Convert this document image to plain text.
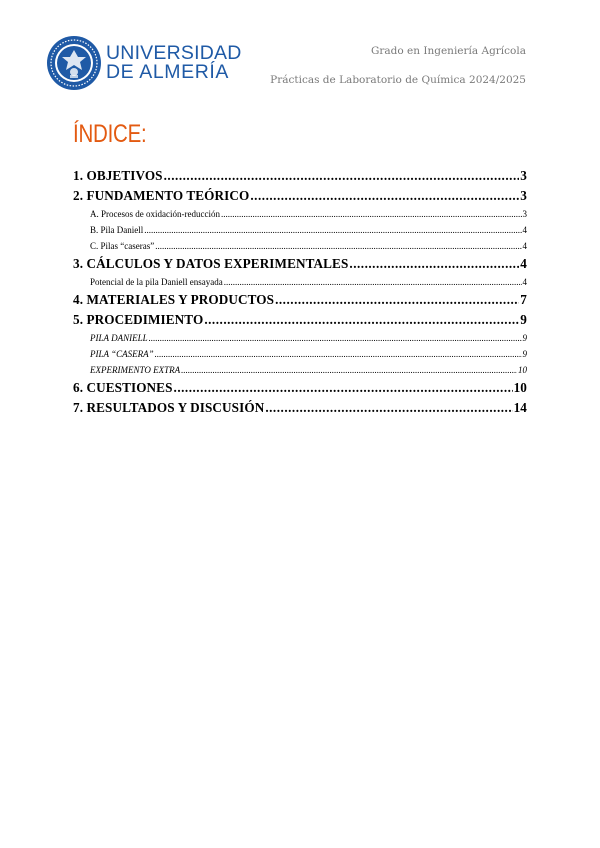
UNIVERSIDAD
DE ALMERÍA
Grado en Ingeniería Agrícola
Prácticas de Laboratorio de Química 2024/2025
ÍNDICE:
1. OBJETIVOS .....	3
2. FUNDAMENTO TEÓRICO .....	3
A. Procesos de oxidación-reducción .....	3
B. Pila Daniell .....	4
C. Pilas “caseras” .....	4
3. CÁLCULOS Y DATOS EXPERIMENTALES .....	4
Potencial de la pila Daniell ensayada .....	4
4. MATERIALES Y PRODUCTOS .....	7
5. PROCEDIMIENTO .....	9
PILA DANIELL .....	9
PILA “CASERA” .....	9
EXPERIMENTO EXTRA .....	10
6. CUESTIONES .....	10
7. RESULTADOS Y DISCUSIÓN .....	14
